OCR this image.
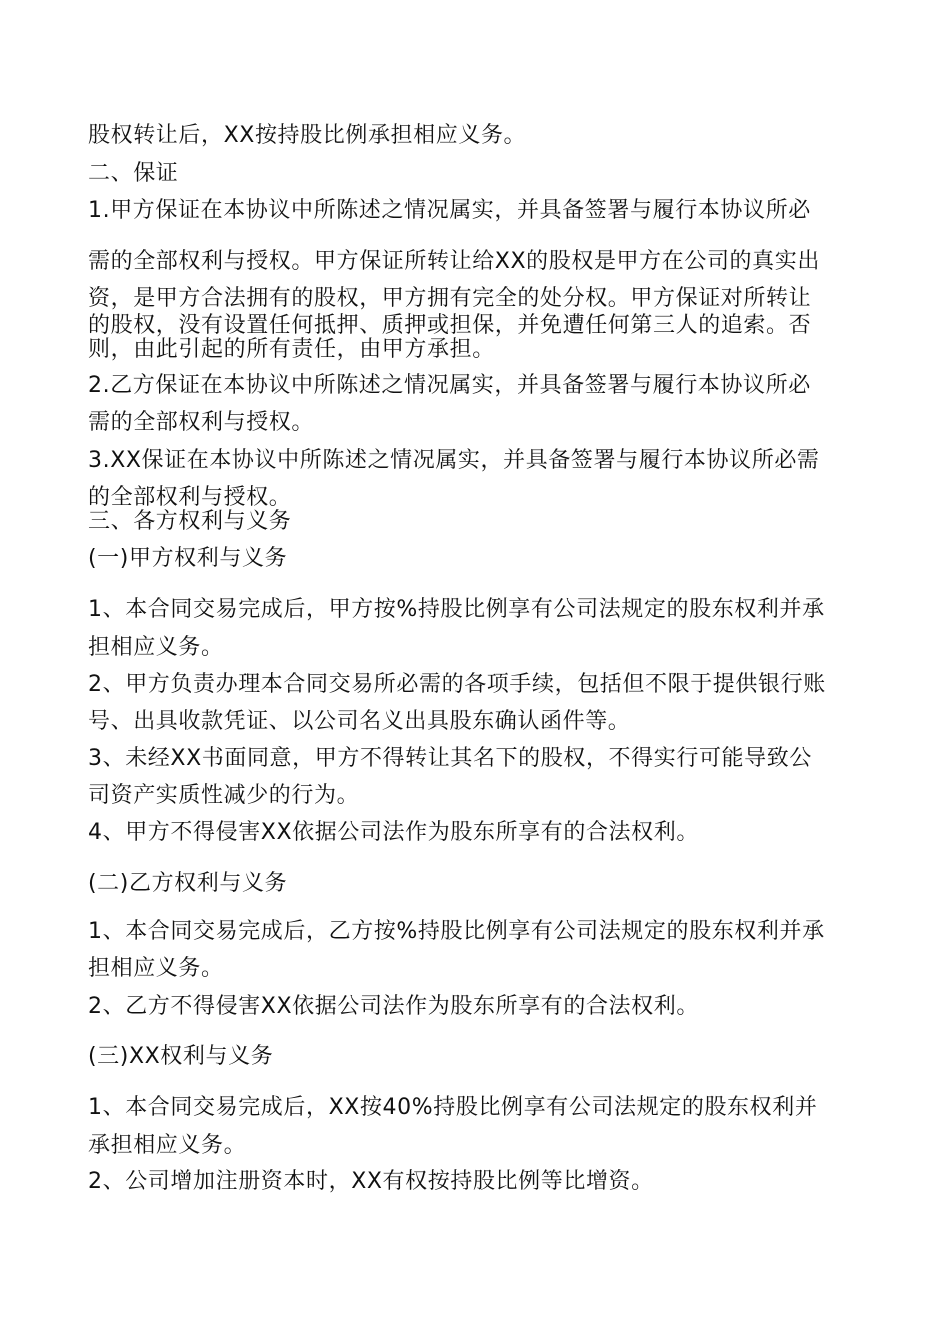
股权转让后，XX按持股比例承担相应义务。
二、保证
1.甲方保证在本协议中所陈述之情况属实，并具备签署与履行本协议所必
需的全部权利与授权。甲方保证所转让给XX的股权是甲方在公司的真实出
资，是甲方合法拥有的股权，甲方拥有完全的处分权。甲方保证对所转让
的股权，没有设置任何抵押、质押或担保，并免遭任何第三人的追索。否
则，由此引起的所有责任，由甲方承担。
2.乙方保证在本协议中所陈述之情况属实，并具备签署与履行本协议所必
需的全部权利与授权。
3.XX保证在本协议中所陈述之情况属实，并具备签署与履行本协议所必需
的全部权利与授权。
三、各方权利与义务
(一)甲方权利与义务
1、本合同交易完成后，甲方按%持股比例享有公司法规定的股东权利并承
担相应义务。
2、甲方负责办理本合同交易所必需的各项手续，包括但不限于提供银行账
号、出具收款凭证、以公司名义出具股东确认函件等。
3、未经XX书面同意，甲方不得转让其名下的股权，不得实行可能导致公
司资产实质性减少的行为。
4、甲方不得侵害XX依据公司法作为股东所享有的合法权利。
(二)乙方权利与义务
1、本合同交易完成后，乙方按%持股比例享有公司法规定的股东权利并承
担相应义务。
2、乙方不得侵害XX依据公司法作为股东所享有的合法权利。
(三)XX权利与义务
1、本合同交易完成后，XX按40%持股比例享有公司法规定的股东权利并
承担相应义务。
2、公司增加注册资本时，XX有权按持股比例等比增资。
